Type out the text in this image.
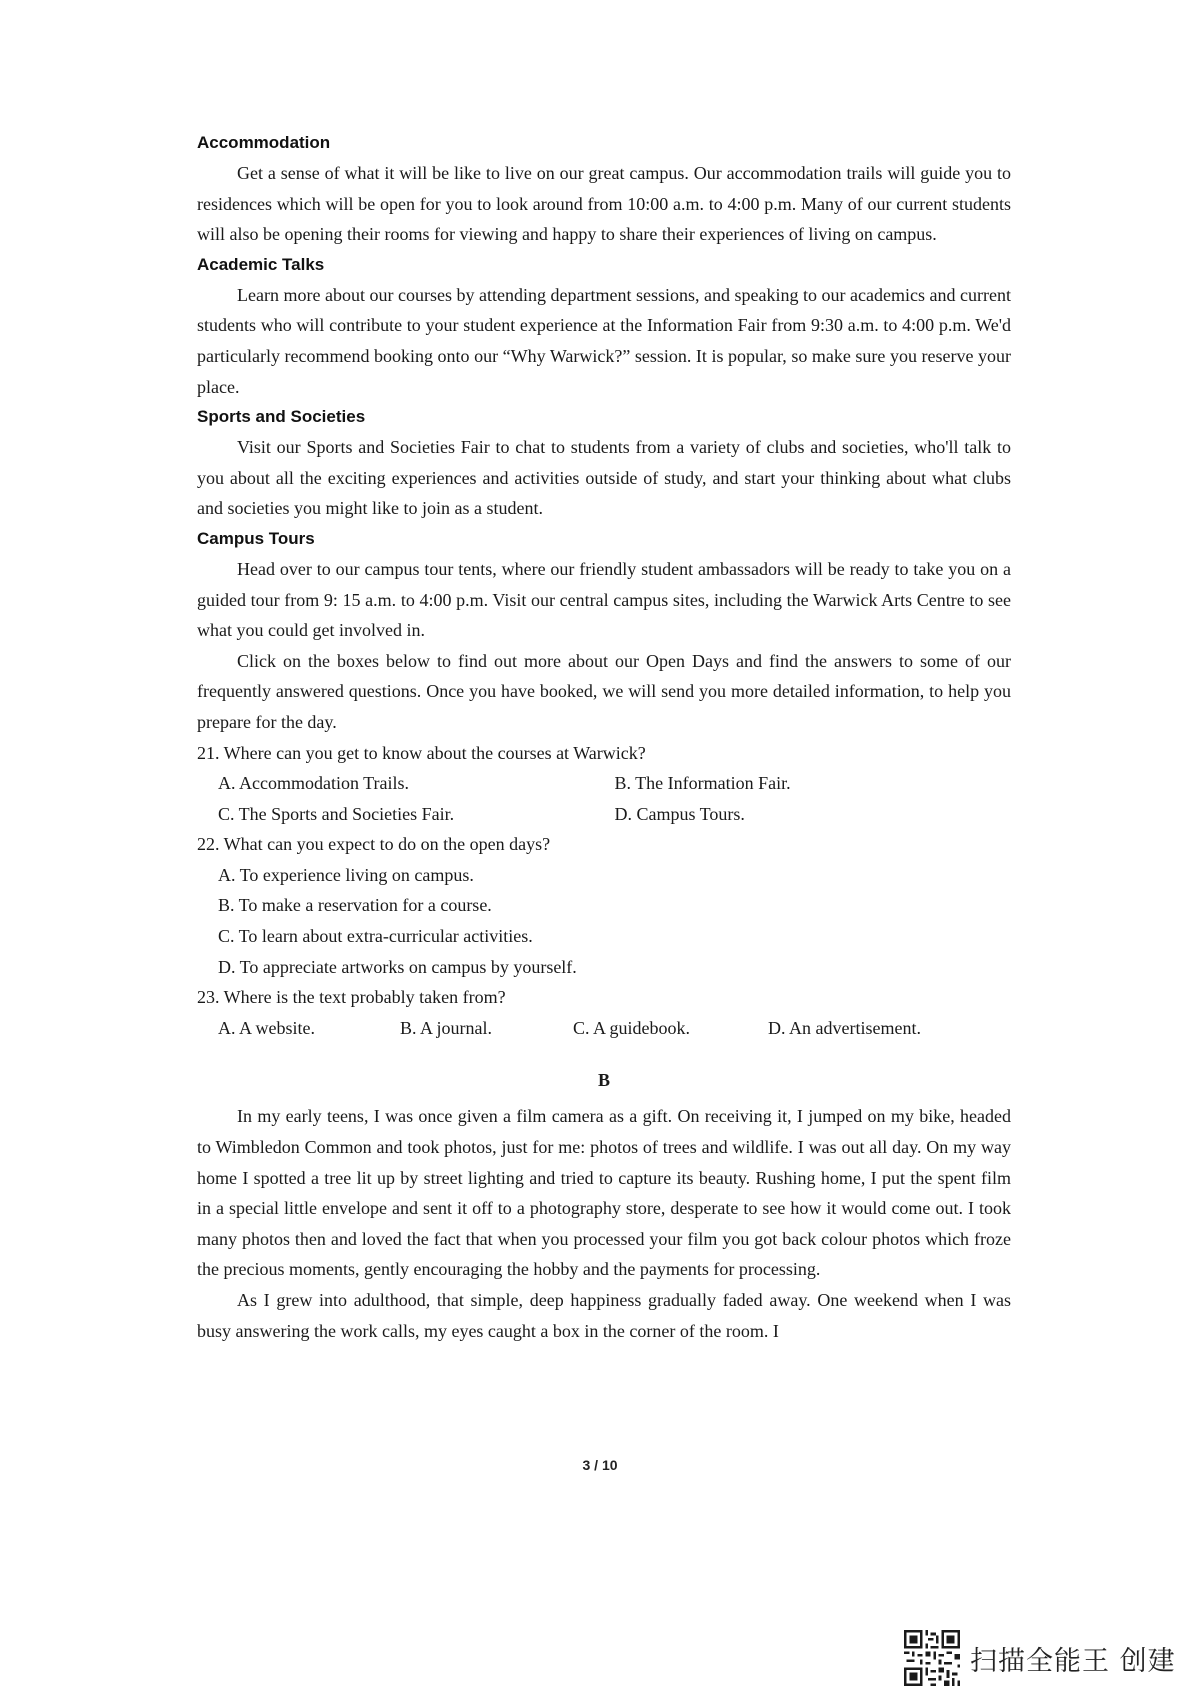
Accommodation

Get a sense of what it will be like to live on our great campus. Our accommodation trails will guide you to residences which will be open for you to look around from 10:00 a.m. to 4:00 p.m. Many of our current students will also be opening their rooms for viewing and happy to share their experiences of living on campus.

Academic Talks

Learn more about our courses by attending department sessions, and speaking to our academics and current students who will contribute to your student experience at the Information Fair from 9:30 a.m. to 4:00 p.m. We'd particularly recommend booking onto our “Why Warwick?” session. It is popular, so make sure you reserve your place.

Sports and Societies

Visit our Sports and Societies Fair to chat to students from a variety of clubs and societies, who'll talk to you about all the exciting experiences and activities outside of study, and start your thinking about what clubs and societies you might like to join as a student.

Campus Tours

Head over to our campus tour tents, where our friendly student ambassadors will be ready to take you on a guided tour from 9: 15 a.m. to 4:00 p.m. Visit our central campus sites, including the Warwick Arts Centre to see what you could get involved in.

Click on the boxes below to find out more about our Open Days and find the answers to some of our frequently answered questions. Once you have booked, we will send you more detailed information, to help you prepare for the day.

21. Where can you get to know about the courses at Warwick?

A. Accommodation Trails.	B. The Information Fair.
C. The Sports and Societies Fair.	D. Campus Tours.

22. What can you expect to do on the open days?

A. To experience living on campus.
B. To make a reservation for a course.
C. To learn about extra-curricular activities.
D. To appreciate artworks on campus by yourself.

23. Where is the text probably taken from?

A. A website.	B. A journal.	C. A guidebook.	D. An advertisement.
B

In my early teens, I was once given a film camera as a gift. On receiving it, I jumped on my bike, headed to Wimbledon Common and took photos, just for me: photos of trees and wildlife. I was out all day. On my way home I spotted a tree lit up by street lighting and tried to capture its beauty. Rushing home, I put the spent film in a special little envelope and sent it off to a photography store, desperate to see how it would come out. I took many photos then and loved the fact that when you processed your film you got back colour photos which froze the precious moments, gently encouraging the hobby and the payments for processing.

As I grew into adulthood, that simple, deep happiness gradually faded away. One weekend when I was busy answering the work calls, my eyes caught a box in the corner of the room. I

3 / 10
扫描全能王 创建
